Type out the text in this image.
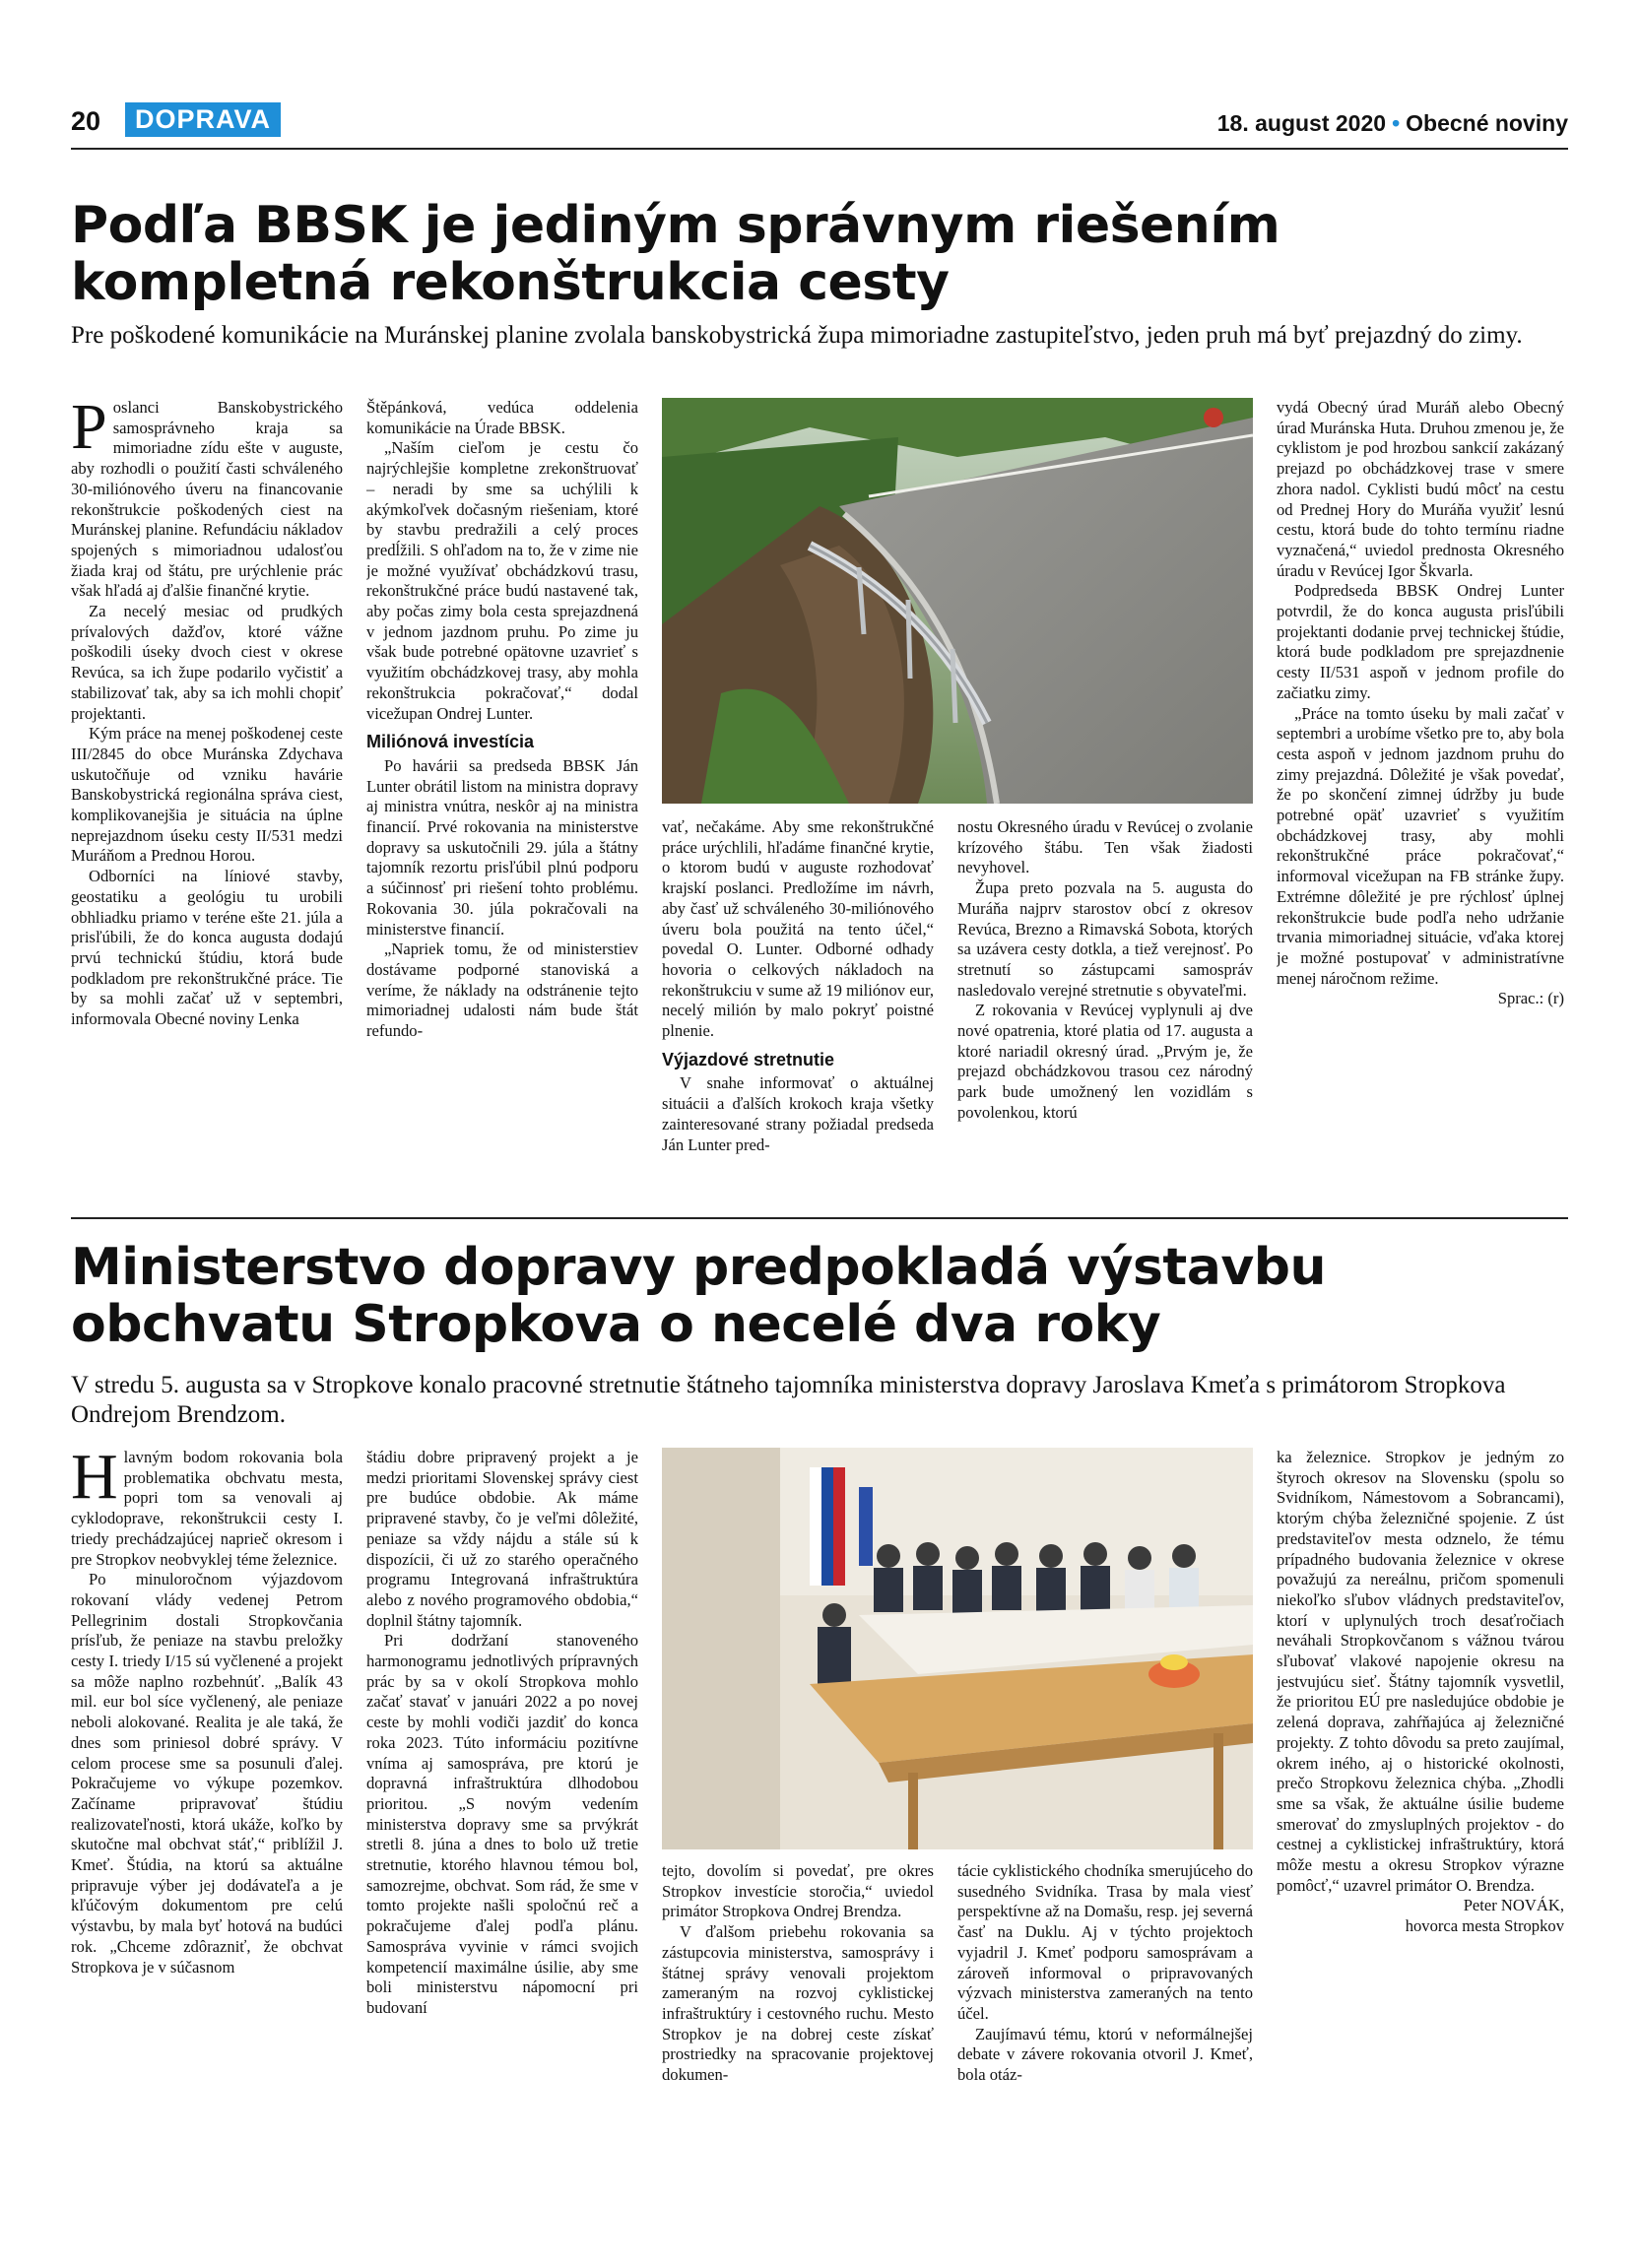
20	DOPRAVA	18. august 2020 • Obecné noviny
Podľa BBSK je jediným správnym riešením kompletná rekonštrukcia cesty

Pre poškodené komunikácie na Muránskej planine zvolala banskobystrická župa mimoriadne zastupiteľstvo, jeden pruh má byť prejazdný do zimy.

Poslanci Banskobystrického samosprávneho kraja sa mimoriadne zídu ešte v auguste, aby rozhodli o použití časti schváleného 30-miliónového úveru na financovanie rekonštrukcie poškodených ciest na Muránskej planine. Refundáciu nákladov spojených s mimoriadnou udalosťou žiada kraj od štátu, pre urýchlenie prác však hľadá aj ďalšie finančné krytie.

Za necelý mesiac od prudkých prívalových dažďov, ktoré vážne poškodili úseky dvoch ciest v okrese Revúca, sa ich župe podarilo vyčistiť a stabilizovať tak, aby sa ich mohli chopiť projektanti.

Kým práce na menej poškodenej ceste III/2845 do obce Muránska Zdychava uskutočňuje od vzniku havárie Banskobystrická regionálna správa ciest, komplikovanejšia je situácia na úplne neprejazdnom úseku cesty II/531 medzi Muráňom a Prednou Horou.

Odborníci na líniové stavby, geostatiku a geológiu tu urobili obhliadku priamo v teréne ešte 21. júla a prisľúbili, že do konca augusta dodajú prvú technickú štúdiu, ktorá bude podkladom pre rekonštrukčné práce. Tie by sa mohli začať už v septembri, informovala Obecné noviny Lenka

Štěpánková, vedúca oddelenia komunikácie na Úrade BBSK.

„Naším cieľom je cestu čo najrýchlejšie kompletne zrekonštruovať – neradi by sme sa uchýlili k akýmkoľvek dočasným riešeniam, ktoré by stavbu predražili a celý proces predĺžili. S ohľadom na to, že v zime nie je možné využívať obchádzkovú trasu, rekonštrukčné práce budú nastavené tak, aby počas zimy bola cesta sprejazdnená v jednom jazdnom pruhu. Po zime ju však bude potrebné opätovne uzavrieť s využitím obchádzkovej trasy, aby mohla rekonštrukcia pokračovať,“ dodal vicežupan Ondrej Lunter.

Miliónová investícia

Po havárii sa predseda BBSK Ján Lunter obrátil listom na ministra dopravy aj ministra vnútra, neskôr aj na ministra financií. Prvé rokovania na ministerstve dopravy sa uskutočnili 29. júla a štátny tajomník rezortu prisľúbil plnú podporu a súčinnosť pri riešení tohto problému. Rokovania 30. júla pokračovali na ministerstve financií.

„Napriek tomu, že od ministerstiev dostávame podporné stanoviská a veríme, že náklady na odstránenie tejto mimoriadnej udalosti nám bude štát refundo-

vať, nečakáme. Aby sme rekonštrukčné práce urýchlili, hľadáme finančné krytie, o ktorom budú v auguste rozhodovať krajskí poslanci. Predložíme im návrh, aby časť už schváleného 30-miliónového úveru bola použitá na tento účel,“ povedal O. Lunter. Odborné odhady hovoria o celkových nákladoch na rekonštrukciu v sume až 19 miliónov eur, necelý milión by malo pokryť poistné plnenie.

Výjazdové stretnutie

V snahe informovať o aktuálnej situácii a ďalších krokoch kraja všetky zainteresované strany požiadal predseda Ján Lunter pred-

nostu Okresného úradu v Revúcej o zvolanie krízového štábu. Ten však žiadosti nevyhovel.

Župa preto pozvala na 5. augusta do Muráňa najprv starostov obcí z okresov Revúca, Brezno a Rimavská Sobota, ktorých sa uzávera cesty dotkla, a tiež verejnosť. Po stretnutí so zástupcami samospráv nasledovalo verejné stretnutie s obyvateľmi.

Z rokovania v Revúcej vyplynuli aj dve nové opatrenia, ktoré platia od 17. augusta a ktoré nariadil okresný úrad. „Prvým je, že prejazd obchádzkovou trasou cez národný park bude umožnený len vozidlám s povolenkou, ktorú

vydá Obecný úrad Muráň alebo Obecný úrad Muránska Huta. Druhou zmenou je, že cyklistom je pod hrozbou sankcií zakázaný prejazd po obchádzkovej trase v smere zhora nadol. Cyklisti budú môcť na cestu od Prednej Hory do Muráňa využiť lesnú cestu, ktorá bude do tohto termínu riadne vyznačená,“ uviedol prednosta Okresného úradu v Revúcej Igor Škvarla.

Podpredseda BBSK Ondrej Lunter potvrdil, že do konca augusta prisľúbili projektanti dodanie prvej technickej štúdie, ktorá bude podkladom pre sprejazdnenie cesty II/531 aspoň v jednom profile do začiatku zimy.

„Práce na tomto úseku by mali začať v septembri a urobíme všetko pre to, aby bola cesta aspoň v jednom jazdnom pruhu do zimy prejazdná. Dôležité je však povedať, že po skončení zimnej údržby ju bude potrebné opäť uzavrieť s využitím obchádzkovej trasy, aby mohli rekonštrukčné práce pokračovať,“ informoval vicežupan na FB stránke župy. Extrémne dôležité je pre rýchlosť úplnej rekonštrukcie bude podľa neho udržanie trvania mimoriadnej situácie, vďaka ktorej je možné postupovať v administratívne menej náročnom režime.

Sprac.: (r)

Ministerstvo dopravy predpokladá výstavbu obchvatu Stropkova o necelé dva roky

V stredu 5. augusta sa v Stropkove konalo pracovné stretnutie štátneho tajomníka ministerstva dopravy Jaroslava Kmeťa s primátorom Stropkova Ondrejom Brendzom.

Hlavným bodom rokovania bola problematika obchvatu mesta, popri tom sa venovali aj cyklodoprave, rekonštrukcii cesty I. triedy prechádzajúcej naprieč okresom i pre Stropkov neobvyklej téme železnice.

Po minuloročnom výjazdovom rokovaní vlády vedenej Petrom Pellegrinim dostali Stropkovčania prísľub, že peniaze na stavbu preložky cesty I. triedy I/15 sú vyčlenené a projekt sa môže naplno rozbehnúť. „Balík 43 mil. eur bol síce vyčlenený, ale peniaze neboli alokované. Realita je ale taká, že dnes som priniesol dobré správy. V celom procese sme sa posunuli ďalej. Pokračujeme vo výkupe pozemkov. Začíname pripravovať štúdiu realizovateľnosti, ktorá ukáže, koľko by skutočne mal obchvat stáť,“ priblížil J. Kmeť. Štúdia, na ktorú sa aktuálne pripravuje výber jej dodávateľa a je kľúčovým dokumentom pre celú výstavbu, by mala byť hotová na budúci rok. „Chceme zdôrazniť, že obchvat Stropkova je v súčasnom

štádiu dobre pripravený projekt a je medzi prioritami Slovenskej správy ciest pre budúce obdobie. Ak máme pripravené stavby, čo je veľmi dôležité, peniaze sa vždy nájdu a stále sú k dispozícii, či už zo starého operačného programu Integrovaná infraštruktúra alebo z nového programového obdobia,“ doplnil štátny tajomník.

Pri dodržaní stanoveného harmonogramu jednotlivých prípravných prác by sa v okolí Stropkova mohlo začať stavať v januári 2022 a po novej ceste by mohli vodiči jazdiť do konca roka 2023. Túto informáciu pozitívne vníma aj samospráva, pre ktorú je dopravná infraštruktúra dlhodobou prioritou. „S novým vedením ministerstva dopravy sme sa prvýkrát stretli 8. júna a dnes to bolo už tretie stretnutie, ktorého hlavnou témou bol, samozrejme, obchvat. Som rád, že sme v tomto projekte našli spoločnú reč a pokračujeme ďalej podľa plánu. Samospráva vyvinie v rámci svojich kompetencií maximálne úsilie, aby sme boli ministerstvu nápomocní pri budovaní

tejto, dovolím si povedať, pre okres Stropkov investície storočia,“ uviedol primátor Stropkova Ondrej Brendza.

V ďalšom priebehu rokovania sa zástupcovia ministerstva, samosprávy i štátnej správy venovali projektom zameraným na rozvoj cyklistickej infraštruktúry i cestovného ruchu. Mesto Stropkov je na dobrej ceste získať prostriedky na spracovanie projektovej dokumen-

tácie cyklistického chodníka smerujúceho do susedného Svidníka. Trasa by mala viesť perspektívne až na Domašu, resp. jej severná časť na Duklu. Aj v týchto projektoch vyjadril J. Kmeť podporu samosprávam a zároveň informoval o pripravovaných výzvach ministerstva zameraných na tento účel.

Zaujímavú tému, ktorú v neformálnejšej debate v závere rokovania otvoril J. Kmeť, bola otáz-

ka železnice. Stropkov je jedným zo štyroch okresov na Slovensku (spolu so Svidníkom, Námestovom a Sobrancami), ktorým chýba železničné spojenie. Z úst predstaviteľov mesta odznelo, že tému prípadného budovania železnice v okrese považujú za nereálnu, pričom spomenuli niekoľko sľubov vládnych predstaviteľov, ktorí v uplynulých troch desaťročiach neváhali Stropkovčanom s vážnou tvárou sľubovať vlakové napojenie okresu na jestvujúcu sieť. Štátny tajomník vysvetlil, že prioritou EÚ pre nasledujúce obdobie je zelená doprava, zahŕňajúca aj železničné projekty. Z tohto dôvodu sa preto zaujímal, okrem iného, aj o historické okolnosti, prečo Stropkovu železnica chýba. „Zhodli sme sa však, že aktuálne úsilie budeme smerovať do zmysluplných projektov - do cestnej a cyklistickej infraštruktúry, ktorá môže mestu a okresu Stropkov výrazne pomôcť,“ uzavrel primátor O. Brendza.

Peter NOVÁK,

hovorca mesta Stropkov
